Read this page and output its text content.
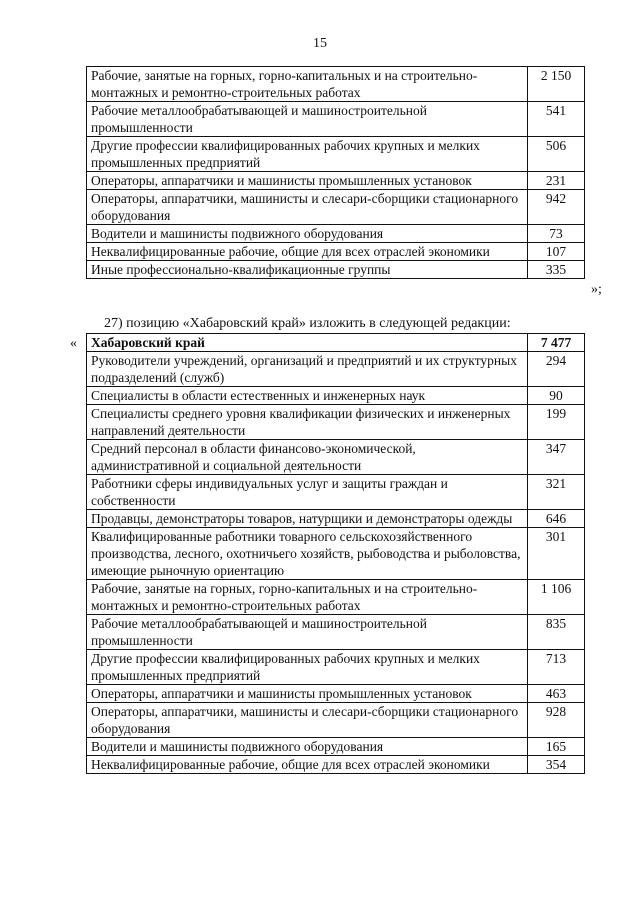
15
Рабочие, занятые на горных, горно-капитальных и на строительно-монтажных и ремонтно-строительных работах	2 150
Рабочие металлообрабатывающей и машиностроительной промышленности	541
Другие профессии квалифицированных рабочих крупных и мелких промышленных предприятий	506
Операторы, аппаратчики и машинисты промышленных установок	231
Операторы, аппаратчики, машинисты и слесари-сборщики стационарного оборудования	942
Водители и машинисты подвижного оборудования	73
Неквалифицированные рабочие, общие для всех отраслей экономики	107
Иные профессионально-квалификационные группы	335
»;
27) позицию «Хабаровский край» изложить в следующей редакции:
« Хабаровский край	7 477
Руководители учреждений, организаций и предприятий и их структурных подразделений (служб)	294
Специалисты в области естественных и инженерных наук	90
Специалисты среднего уровня квалификации физических и инженерных направлений деятельности	199
Средний персонал в области финансово-экономической, административной и социальной деятельности	347
Работники сферы индивидуальных услуг и защиты граждан и собственности	321
Продавцы, демонстраторы товаров, натурщики и демонстраторы одежды	646
Квалифицированные работники товарного сельскохозяйственного производства, лесного, охотничьего хозяйств, рыбоводства и рыболовства, имеющие рыночную ориентацию	301
Рабочие, занятые на горных, горно-капитальных и на строительно-монтажных и ремонтно-строительных работах	1 106
Рабочие металлообрабатывающей и машиностроительной промышленности	835
Другие профессии квалифицированных рабочих крупных и мелких промышленных предприятий	713
Операторы, аппаратчики и машинисты промышленных установок	463
Операторы, аппаратчики, машинисты и слесари-сборщики стационарного оборудования	928
Водители и машинисты подвижного оборудования	165
Неквалифицированные рабочие, общие для всех отраслей экономики	354
